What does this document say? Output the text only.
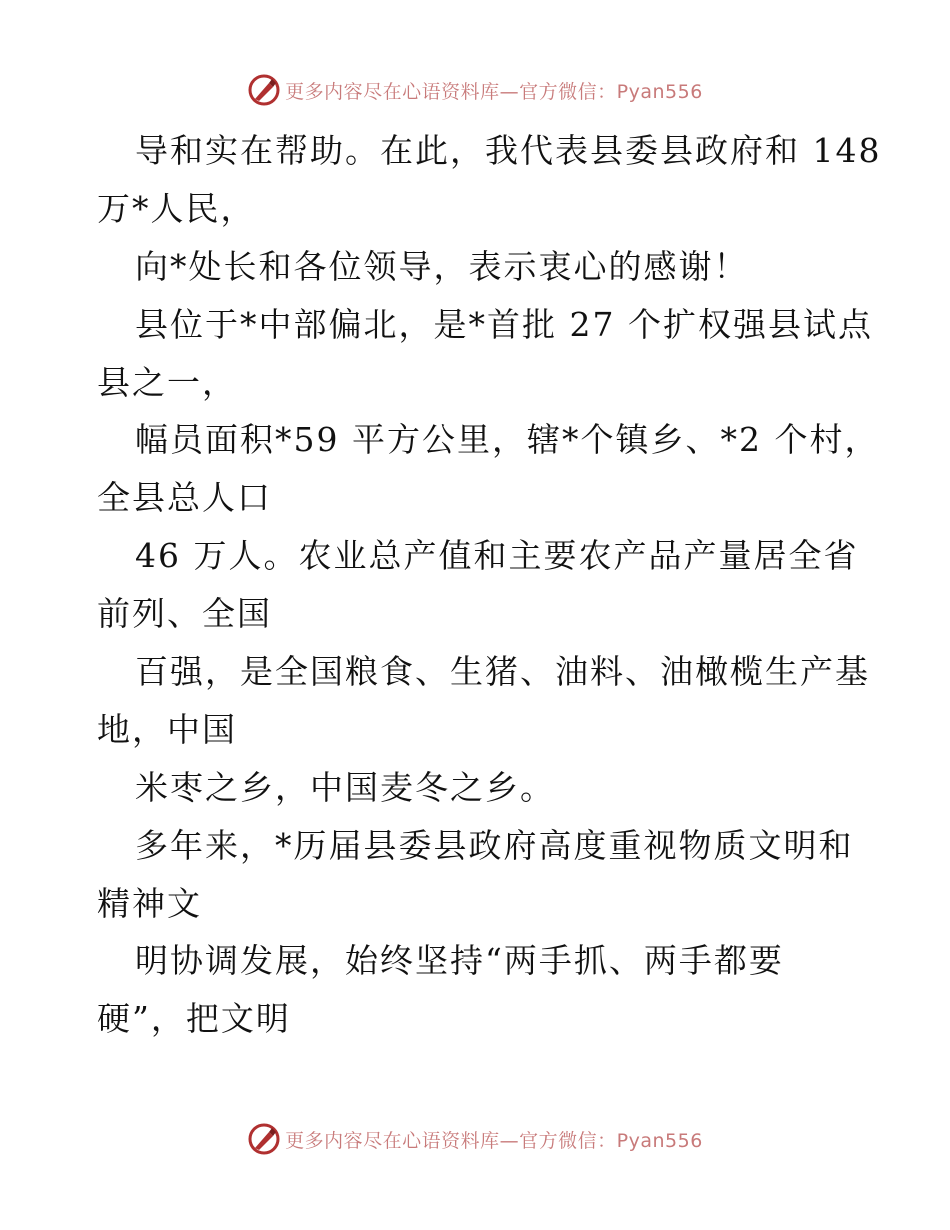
更多内容尽在心语资料库—官方微信：Pyan556
导和实在帮助。在此，我代表县委县政府和 148
万*人民，
向*处长和各位领导，表示衷心的感谢！
县位于*中部偏北，是*首批 27 个扩权强县试点
县之一，
幅员面积*59 平方公里，辖*个镇乡、*2 个村，
全县总人口
46 万人。农业总产值和主要农产品产量居全省
前列、全国
百强，是全国粮食、生猪、油料、油橄榄生产基
地，中国
米枣之乡，中国麦冬之乡。
多年来，*历届县委县政府高度重视物质文明和
精神文
明协调发展，始终坚持“两手抓、两手都要
硬”，把文明
更多内容尽在心语资料库—官方微信：Pyan556
